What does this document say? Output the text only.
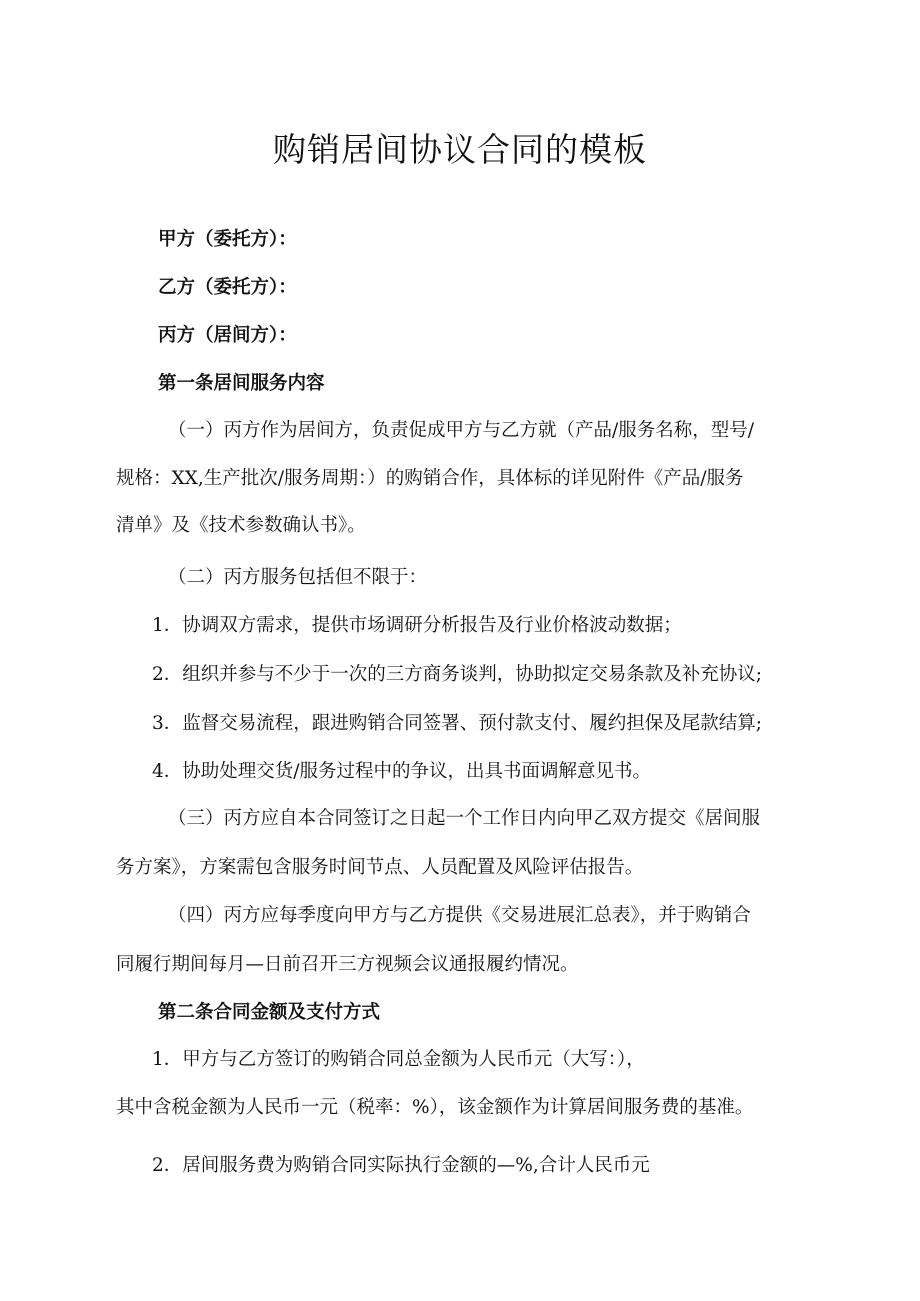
购销居间协议合同的模板

甲方（委托方）：

乙方（委托方）：

丙方（居间方）：

第一条居间服务内容

（一）丙方作为居间方，负责促成甲方与乙方就（产品/服务名称，型号/

规格：XX,生产批次/服务周期：）的购销合作，具体标的详见附件《产品/服务

清单》及《技术参数确认书》。

（二）丙方服务包括但不限于：

1．协调双方需求，提供市场调研分析报告及行业价格波动数据；

2．组织并参与不少于一次的三方商务谈判，协助拟定交易条款及补充协议;

3．监督交易流程，跟进购销合同签署、预付款支付、履约担保及尾款结算;

4．协助处理交货/服务过程中的争议，出具书面调解意见书。

（三）丙方应自本合同签订之日起一个工作日内向甲乙双方提交《居间服

务方案》，方案需包含服务时间节点、人员配置及风险评估报告。

（四）丙方应每季度向甲方与乙方提供《交易进展汇总表》，并于购销合

同履行期间每月—日前召开三方视频会议通报履约情况。

第二条合同金额及支付方式

1．甲方与乙方签订的购销合同总金额为人民币元（大写：），

其中含税金额为人民币一元（税率：%），该金额作为计算居间服务费的基准。

2．居间服务费为购销合同实际执行金额的—%,合计人民币元
